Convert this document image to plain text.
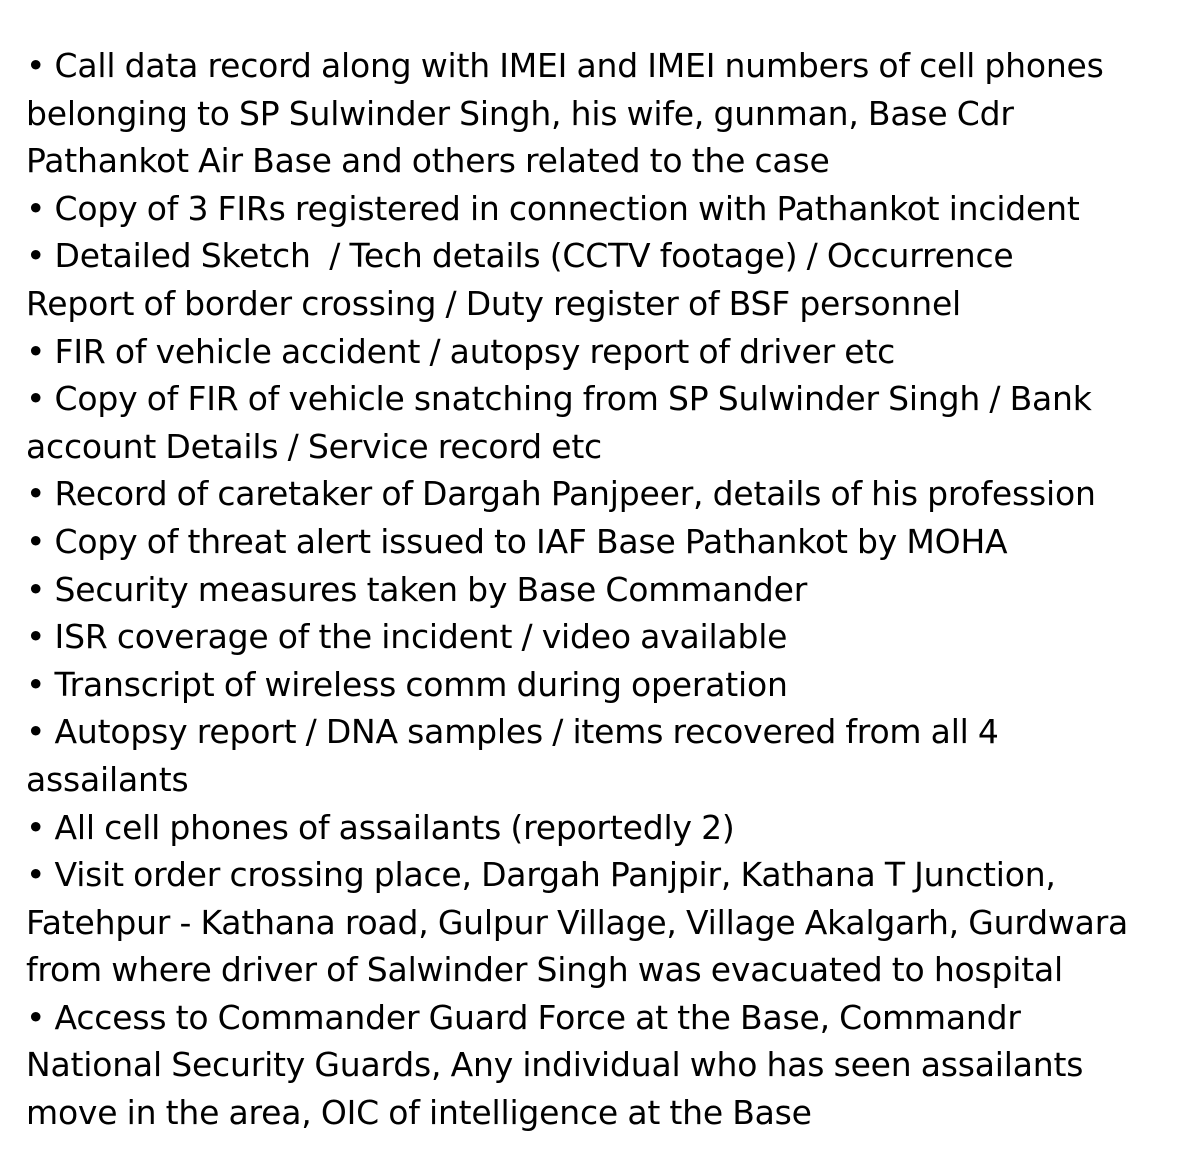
• Call data record along with IMEI and IMEI numbers of cell phones
belonging to SP Sulwinder Singh, his wife, gunman, Base Cdr
Pathankot Air Base and others related to the case
• Copy of 3 FIRs registered in connection with Pathankot incident
• Detailed Sketch  / Tech details (CCTV footage) / Occurrence
Report of border crossing / Duty register of BSF personnel
• FIR of vehicle accident / autopsy report of driver etc
• Copy of FIR of vehicle snatching from SP Sulwinder Singh / Bank
account Details / Service record etc
• Record of caretaker of Dargah Panjpeer, details of his profession
• Copy of threat alert issued to IAF Base Pathankot by MOHA
• Security measures taken by Base Commander
• ISR coverage of the incident / video available
• Transcript of wireless comm during operation
• Autopsy report / DNA samples / items recovered from all 4
assailants
• All cell phones of assailants (reportedly 2)
• Visit order crossing place, Dargah Panjpir, Kathana T Junction,
Fatehpur - Kathana road, Gulpur Village, Village Akalgarh, Gurdwara
from where driver of Salwinder Singh was evacuated to hospital
• Access to Commander Guard Force at the Base, Commandr
National Security Guards, Any individual who has seen assailants
move in the area, OIC of intelligence at the Base
